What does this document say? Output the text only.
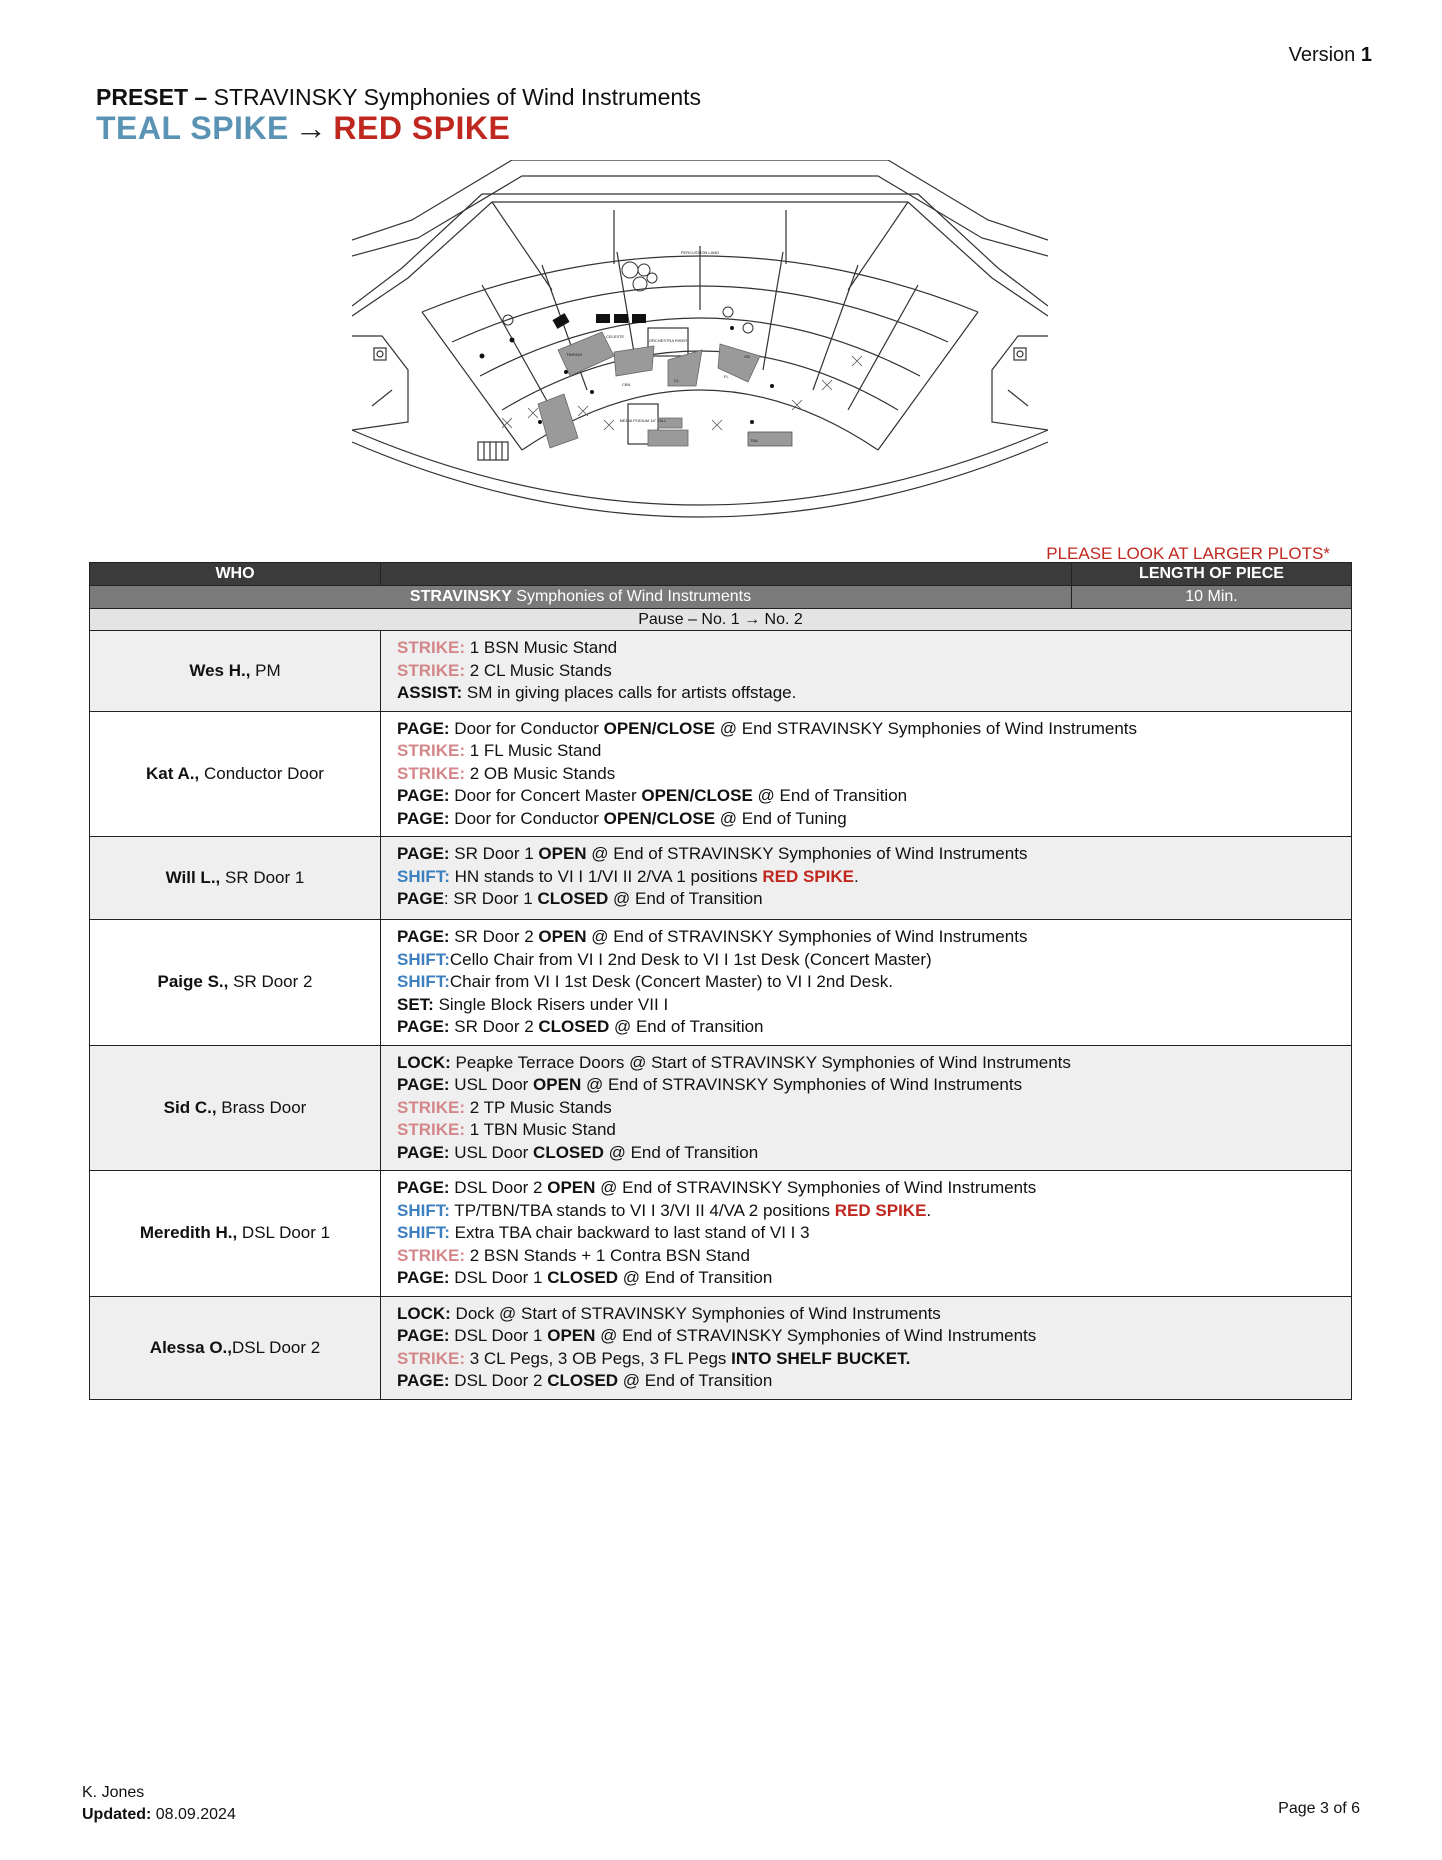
Version 1
PRESET – STRAVINSKY Symphonies of Wind Instruments
TEAL SPIKE → RED SPIKE
PERCUSSION LAND
ORCHESTRA RISER
CELESTE
TIMPANI
CBN
CL
FL
OB
TBA
MEDIA PODIUM 16" TALL
PLEASE LOOK AT LARGER PLOTS*
WHO		LENGTH OF PIECE
STRAVINSKY Symphonies of Wind Instruments		10 Min.
Pause – No. 1 → No. 2		
Wes H., PM	STRIKE: 1 BSN Music Stand
STRIKE: 2 CL Music Stands
ASSIST: SM in giving places calls for artists offstage.	

Kat A., Conductor Door	PAGE: Door for Conductor OPEN/CLOSE @ End STRAVINSKY Symphonies of Wind Instruments
STRIKE: 1 FL Music Stand
STRIKE: 2 OB Music Stands
PAGE: Door for Concert Master OPEN/CLOSE @ End of Transition
PAGE: Door for Conductor OPEN/CLOSE @ End of Tuning	

Will L., SR Door 1	PAGE: SR Door 1 OPEN @ End of STRAVINSKY Symphonies of Wind Instruments
SHIFT: HN stands to VI I 1/VI II 2/VA 1 positions RED SPIKE.
PAGE: SR Door 1 CLOSED @ End of Transition	

Paige S., SR Door 2	PAGE: SR Door 2 OPEN @ End of STRAVINSKY Symphonies of Wind Instruments
SHIFT:Cello Chair from VI I 2nd Desk to VI I 1st Desk (Concert Master)
SHIFT:Chair from VI I 1st Desk (Concert Master) to VI I 2nd Desk.
SET: Single Block Risers under VII I
PAGE: SR Door 2 CLOSED @ End of Transition	

Sid C., Brass Door	LOCK: Peapke Terrace Doors @ Start of STRAVINSKY Symphonies of Wind Instruments
PAGE: USL Door OPEN @ End of STRAVINSKY Symphonies of Wind Instruments
STRIKE: 2 TP Music Stands
STRIKE: 1 TBN Music Stand
PAGE: USL Door CLOSED @ End of Transition	

Meredith H., DSL Door 1	PAGE: DSL Door 2 OPEN @ End of STRAVINSKY Symphonies of Wind Instruments
SHIFT: TP/TBN/TBA stands to VI I 3/VI II 4/VA 2 positions RED SPIKE.
SHIFT: Extra TBA chair backward to last stand of VI I 3
STRIKE: 2 BSN Stands + 1 Contra BSN Stand
PAGE: DSL Door 1 CLOSED @ End of Transition	

Alessa O.,DSL Door 2	LOCK: Dock @ Start of STRAVINSKY Symphonies of Wind Instruments
PAGE: DSL Door 1 OPEN @ End of STRAVINSKY Symphonies of Wind Instruments
STRIKE: 3 CL Pegs, 3 OB Pegs, 3 FL Pegs INTO SHELF BUCKET.
PAGE: DSL Door 2 CLOSED @ End of Transition	
K. Jones
Updated: 08.09.2024	Page 3 of 6
